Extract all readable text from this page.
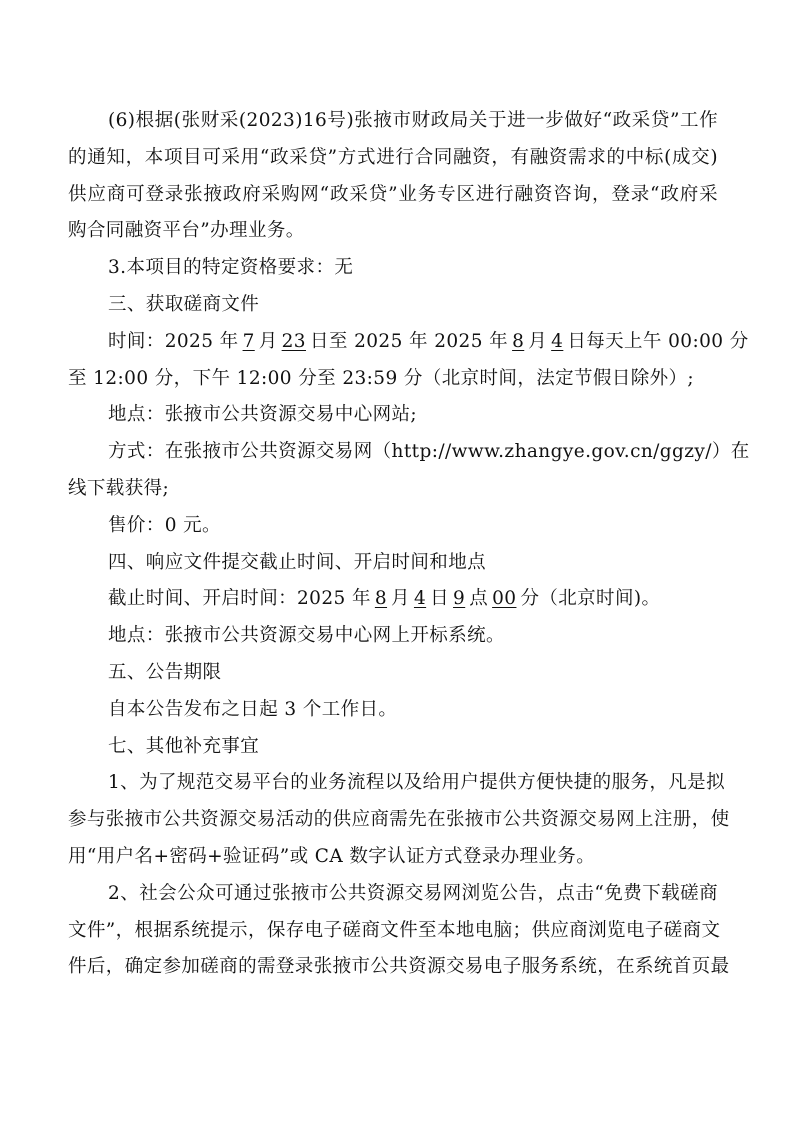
(6)根据(张财采(2023)16号)张掖市财政局关于进一步做好“政采贷”工作
的通知，本项目可采用“政采贷”方式进行合同融资，有融资需求的中标(成交)
供应商可登录张掖政府采购网“政采贷”业务专区进行融资咨询，登录“政府采
购合同融资平台”办理业务。
3.本项目的特定资格要求：无
三、获取磋商文件
时间：2025 年 7 月 23 日至 2025 年 2025 年 8 月 4 日每天上午 00:00 分
至 12:00 分，下午 12:00 分至 23:59 分（北京时间，法定节假日除外）;
地点：张掖市公共资源交易中心网站;
方式：在张掖市公共资源交易网（http://www.zhangye.gov.cn/ggzy/）在
线下载获得;
售价：0 元。
四、响应文件提交截止时间、开启时间和地点
截止时间、开启时间：2025 年 8 月 4 日 9 点 00 分（北京时间)。
地点：张掖市公共资源交易中心网上开标系统。
五、公告期限
自本公告发布之日起 3 个工作日。
七、其他补充事宜
1、为了规范交易平台的业务流程以及给用户提供方便快捷的服务，凡是拟
参与张掖市公共资源交易活动的供应商需先在张掖市公共资源交易网上注册，使
用“用户名+密码+验证码”或 CA 数字认证方式登录办理业务。
2、社会公众可通过张掖市公共资源交易网浏览公告，点击“免费下载磋商
文件”，根据系统提示，保存电子磋商文件至本地电脑；供应商浏览电子磋商文
件后，确定参加磋商的需登录张掖市公共资源交易电子服务系统，在系统首页最
